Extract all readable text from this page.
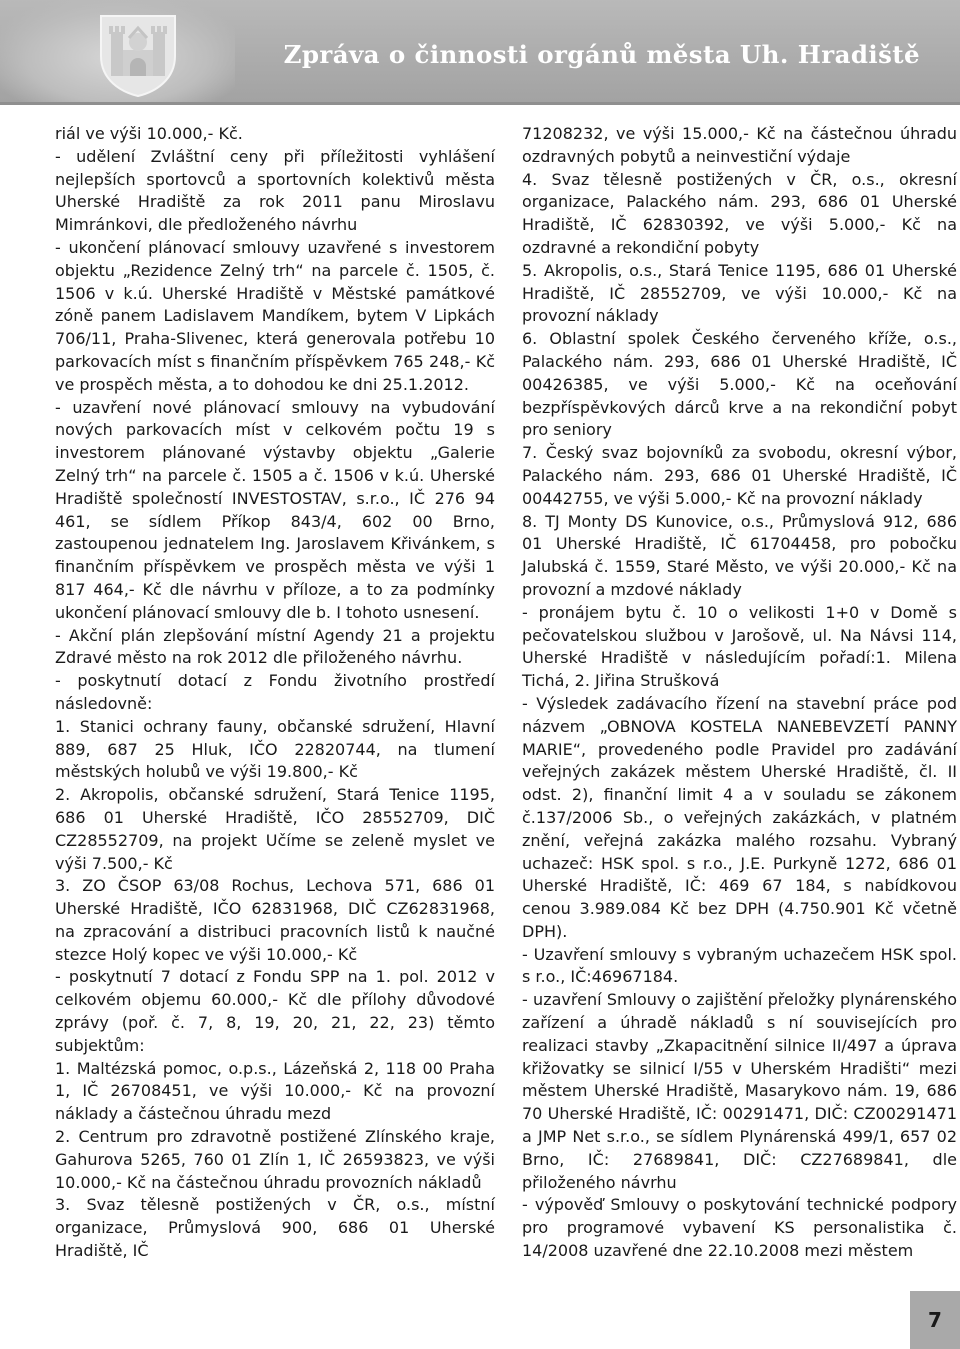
Zpráva o činnosti orgánů města Uh. Hradiště

riál ve výši 10.000,- Kč.

- udělení Zvláštní ceny při příležitosti vyhlášení nejlepších sportovců a sportovních kolektivů města Uherské Hradiště za rok 2011 panu Miroslavu Mimránkovi, dle předloženého návrhu

- ukončení plánovací smlouvy uzavřené s investorem objektu „Rezidence Zelný trh“ na parcele č. 1505, č. 1506 v k.ú. Uherské Hradiště v Městské památkové zóně panem Ladislavem Mandíkem, bytem V Lipkách 706/11, Praha-Slivenec, která generovala potřebu 10 parkovacích míst s finančním příspěvkem 765 248,- Kč ve prospěch města, a to dohodou ke dni 25.1.2012.

- uzavření nové plánovací smlouvy na vybudování nových parkovacích míst v celkovém počtu 19 s investorem plánované výstavby objektu „Galerie Zelný trh“ na parcele č. 1505 a č. 1506 v k.ú. Uherské Hradiště společností INVESTOSTAV, s.r.o., IČ 276 94 461, se sídlem Příkop 843/4, 602 00 Brno, zastoupenou jednatelem Ing. Jaroslavem Křivánkem, s finančním příspěvkem ve prospěch města ve výši 1 817 464,- Kč dle návrhu v příloze, a to za podmínky ukončení plánovací smlouvy dle b. I tohoto usnesení.

- Akční plán zlepšování místní Agendy 21 a projektu Zdravé město na rok 2012 dle přiloženého návrhu.

- poskytnutí dotací z Fondu životního prostředí následovně:

1. Stanici ochrany fauny, občanské sdružení, Hlavní 889, 687 25 Hluk, IČO 22820744, na tlumení městských holubů ve výši 19.800,- Kč

2. Akropolis, občanské sdružení, Stará Tenice 1195, 686 01 Uherské Hradiště, IČO 28552709, DIČ CZ28552709, na projekt Učíme se zeleně myslet ve výši 7.500,- Kč

3. ZO ČSOP 63/08 Rochus, Lechova 571, 686 01 Uherské Hradiště, IČO 62831968, DIČ CZ62831968, na zpracování a distribuci pracovních listů k naučné stezce Holý kopec ve výši 10.000,- Kč

- poskytnutí 7 dotací z Fondu SPP na 1. pol. 2012 v celkovém objemu 60.000,- Kč dle přílohy důvodové zprávy (poř. č. 7, 8, 19, 20, 21, 22, 23) těmto subjektům:

1. Maltézská pomoc, o.p.s., Lázeňská 2, 118 00 Praha 1, IČ 26708451, ve výši 10.000,- Kč na provozní náklady a částečnou úhradu mezd

2. Centrum pro zdravotně postižené Zlínského kraje, Gahurova 5265, 760 01 Zlín 1, IČ 26593823, ve výši 10.000,- Kč na částečnou úhradu provozních nákladů

3. Svaz tělesně postižených v ČR, o.s., místní organizace, Průmyslová 900, 686 01 Uherské Hradiště, IČ

71208232, ve výši 15.000,- Kč na částečnou úhradu ozdravných pobytů a neinvestiční výdaje

4. Svaz tělesně postižených v ČR, o.s., okresní organizace, Palackého nám. 293, 686 01 Uherské Hradiště, IČ 62830392, ve výši 5.000,- Kč na ozdravné a rekondiční pobyty

5. Akropolis, o.s., Stará Tenice 1195, 686 01 Uherské Hradiště, IČ 28552709, ve výši 10.000,- Kč na provozní náklady

6. Oblastní spolek Českého červeného kříže, o.s., Palackého nám. 293, 686 01 Uherské Hradiště, IČ 00426385, ve výši 5.000,- Kč na oceňování bezpříspěvkových dárců krve a na rekondiční pobyt pro seniory

7. Český svaz bojovníků za svobodu, okresní výbor, Palackého nám. 293, 686 01 Uherské Hradiště, IČ 00442755, ve výši 5.000,- Kč na provozní náklady

8. TJ Monty DS Kunovice, o.s., Průmyslová 912, 686 01 Uherské Hradiště, IČ 61704458, pro pobočku Jalubská č. 1559, Staré Město, ve výši 20.000,- Kč na provozní a mzdové náklady

- pronájem bytu č. 10 o velikosti 1+0 v Domě s pečovatelskou službou v Jarošově, ul. Na Návsi 114, Uherské Hradiště v následujícím pořadí:1. Milena Tichá, 2. Jiřina Strušková

- Výsledek zadávacího řízení na stavební práce pod názvem „OBNOVA KOSTELA NANEBEVZETÍ PANNY MARIE“, provedeného podle Pravidel pro zadávání veřejných zakázek městem Uherské Hradiště, čl. II odst. 2), finanční limit 4 a v souladu se zákonem č.137/2006 Sb., o veřejných zakázkách, v platném znění, veřejná zakázka malého rozsahu. Vybraný uchazeč: HSK spol. s r.o., J.E. Purkyně 1272, 686 01 Uherské Hradiště, IČ: 469 67 184, s nabídkovou cenou 3.989.084 Kč bez DPH (4.750.901 Kč včetně DPH).

- Uzavření smlouvy s vybraným uchazečem HSK spol. s r.o., IČ:46967184.

- uzavření Smlouvy o zajištění přeložky plynárenského zařízení a úhradě nákladů s ní souvisejících pro realizaci stavby „Zkapacitnění silnice II/497 a úprava křižovatky se silnicí I/55 v Uherském Hradišti“ mezi městem Uherské Hradiště, Masarykovo nám. 19, 686 70 Uherské Hradiště, IČ: 00291471, DIČ: CZ00291471 a JMP Net s.r.o., se sídlem Plynárenská 499/1, 657 02 Brno, IČ: 27689841, DIČ: CZ27689841, dle přiloženého návrhu

- výpověď Smlouvy o poskytování technické podpory pro programové vybavení KS personalistika č. 14/2008 uzavřené dne 22.10.2008 mezi městem

7
